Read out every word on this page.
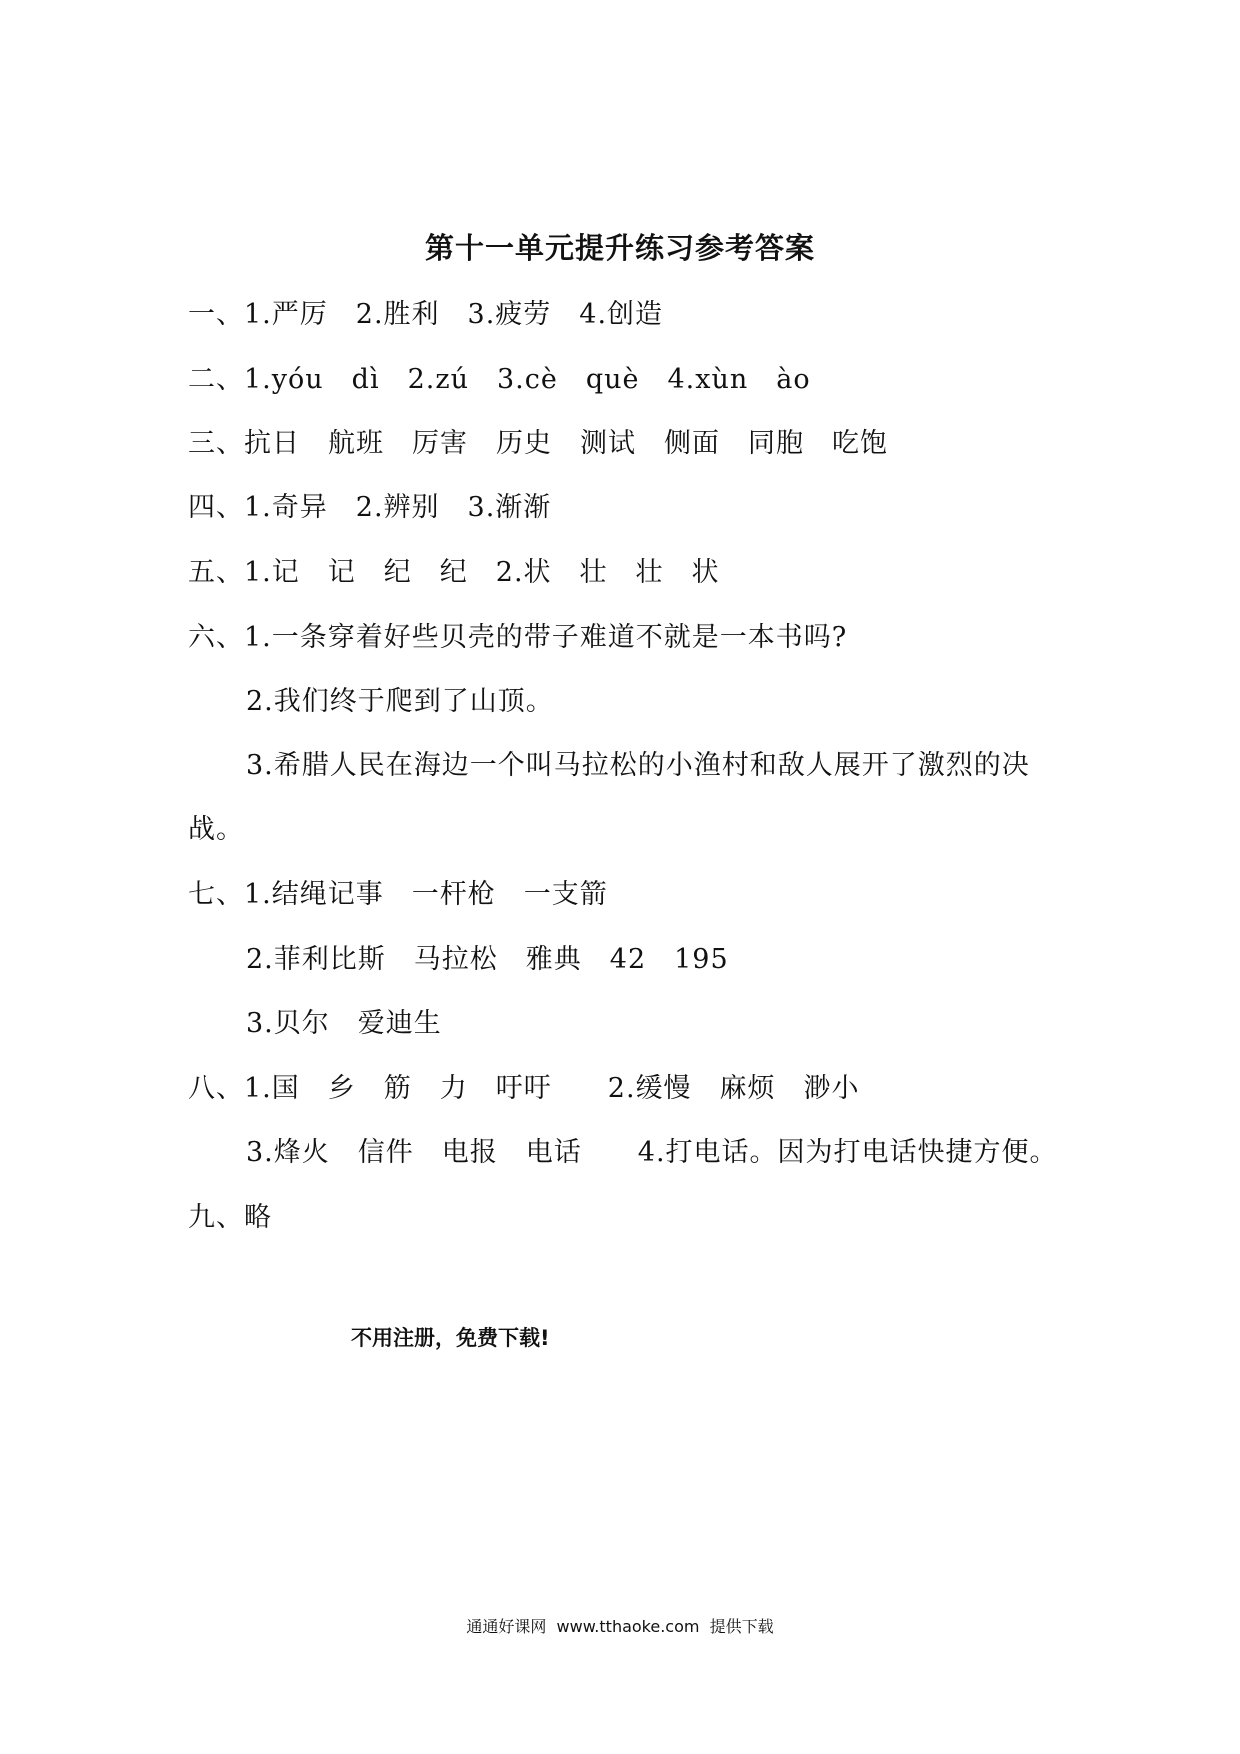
第十一单元提升练习参考答案
一、1.严厉　2.胜利　3.疲劳　4.创造
二、1.yóu　dì　2.zú　3.cè　què　4.xùn　ào
三、抗日　航班　厉害　历史　测试　侧面　同胞　吃饱
四、1.奇异　2.辨别　3.渐渐
五、1.记　记　纪　纪　2.状　壮　壮　状
六、1.一条穿着好些贝壳的带子难道不就是一本书吗?
2.我们终于爬到了山顶。
3.希腊人民在海边一个叫马拉松的小渔村和敌人展开了激烈的决
战。
七、1.结绳记事　一杆枪　一支箭
2.菲利比斯　马拉松　雅典　42　195
3.贝尔　爱迪生
八、1.国　乡　筋　力　吁吁　　2.缓慢　麻烦　渺小
3.烽火　信件　电报　电话　　4.打电话。因为打电话快捷方便。
九、略
不用注册，免费下载!
通通好课网  www.tthaoke.com  提供下载
